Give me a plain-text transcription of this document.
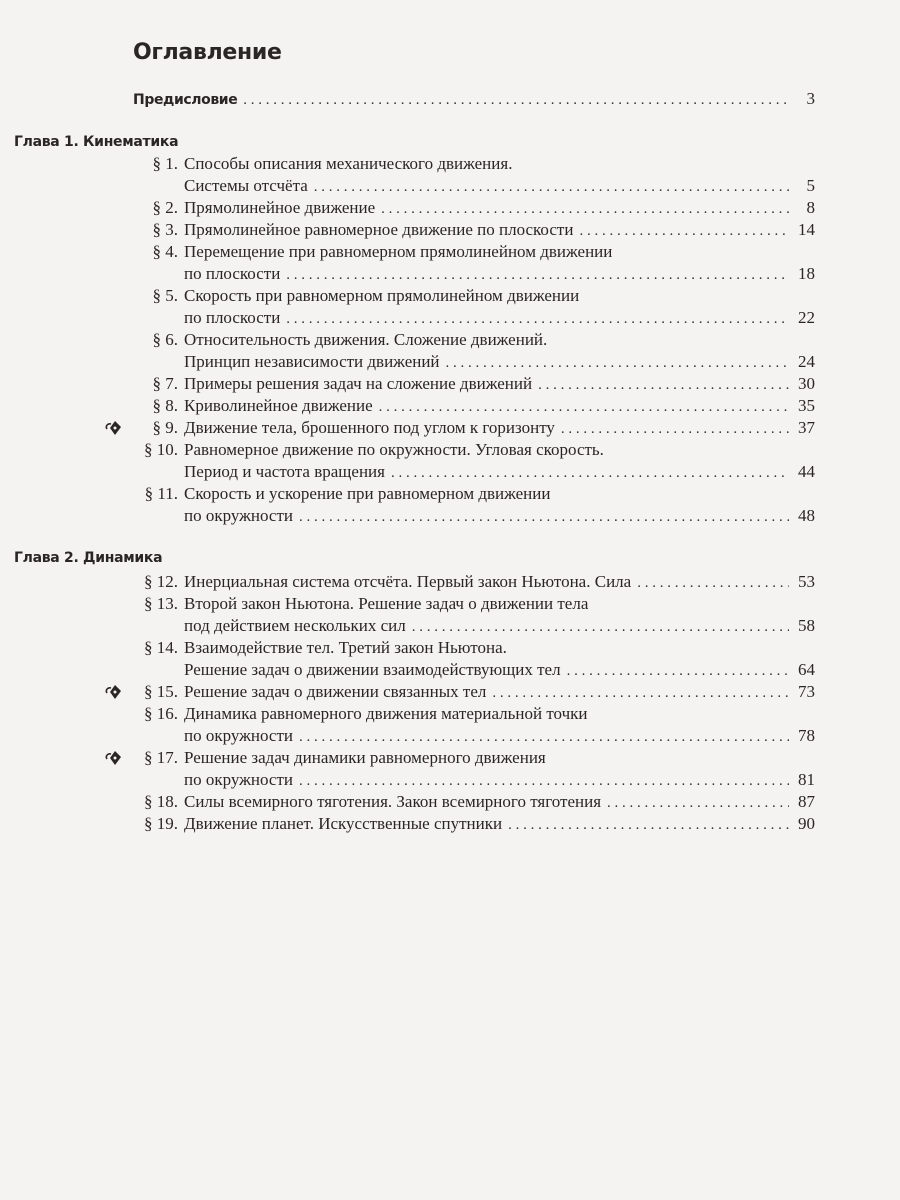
Оглавление
Предисловие . . .	3
Глава 1. Кинематика
§ 1. Способы описания механического движения.
Системы отсчёта . . .	5
§ 2. Прямолинейное движение . . .	8
§ 3. Прямолинейное равномерное движение по плоскости . . .	14
§ 4. Перемещение при равномерном прямолинейном движении
по плоскости . . .	18
§ 5. Скорость при равномерном прямолинейном движении
по плоскости . . .	22
§ 6. Относительность движения. Сложение движений.
Принцип независимости движений . . .	24
§ 7. Примеры решения задач на сложение движений . . .	30
§ 8. Криволинейное движение . . .	35
§ 9. Движение тела, брошенного под углом к горизонту . . .	37
§ 10. Равномерное движение по окружности. Угловая скорость.
Период и частота вращения . . .	44
§ 11. Скорость и ускорение при равномерном движении
по окружности . . .	48
Глава 2. Динамика
§ 12. Инерциальная система отсчёта. Первый закон Ньютона. Сила . . .	53
§ 13. Второй закон Ньютона. Решение задач о движении тела
под действием нескольких сил . . .	58
§ 14. Взаимодействие тел. Третий закон Ньютона.
Решение задач о движении взаимодействующих тел . . .	64
§ 15. Решение задач о движении связанных тел . . .	73
§ 16. Динамика равномерного движения материальной точки
по окружности . . .	78
§ 17. Решение задач динамики равномерного движения
по окружности . . .	81
§ 18. Силы всемирного тяготения. Закон всемирного тяготения . . .	87
§ 19. Движение планет. Искусственные спутники . . .	90
